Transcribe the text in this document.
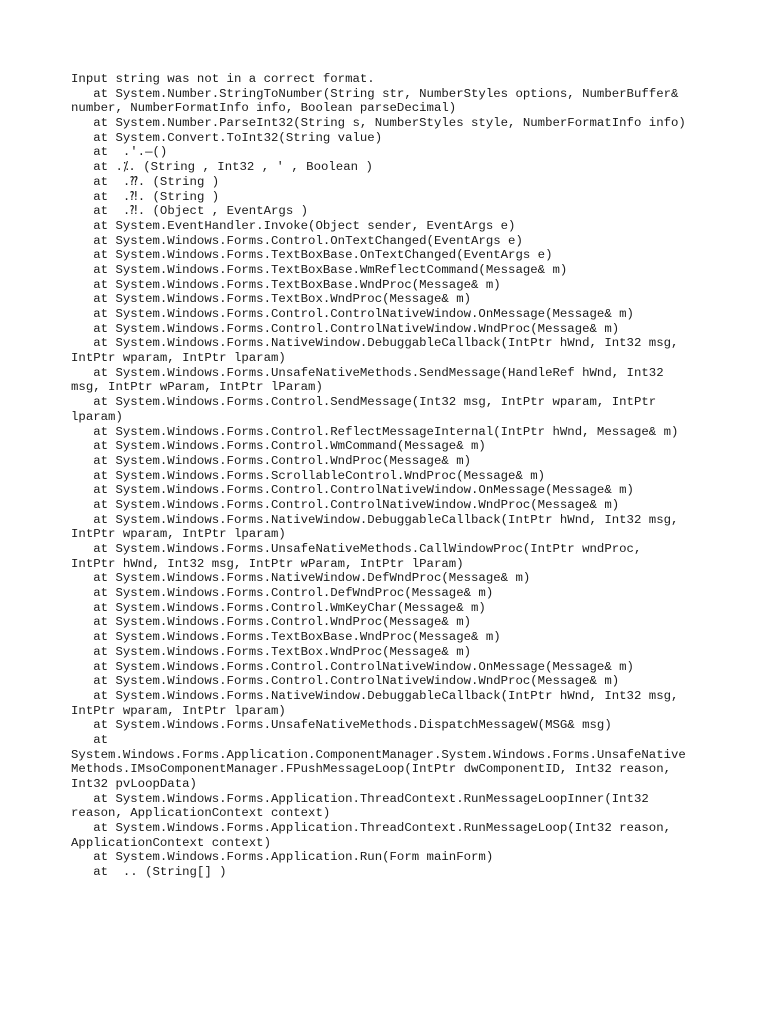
Input string was not in a correct format.
at System.Number.StringToNumber(String str, NumberStyles options, NumberBuffer&
number, NumberFormatInfo info, Boolean parseDecimal)
at System.Number.ParseInt32(String s, NumberStyles style, NumberFormatInfo info)
at System.Convert.ToInt32(String value)
at  .'.—()
at .⁒. (String , Int32 , ' , Boolean )
at  .⁇. (String )
at  .⁈. (String )
at  .⁈. (Object , EventArgs )
at System.EventHandler.Invoke(Object sender, EventArgs e)
at System.Windows.Forms.Control.OnTextChanged(EventArgs e)
at System.Windows.Forms.TextBoxBase.OnTextChanged(EventArgs e)
at System.Windows.Forms.TextBoxBase.WmReflectCommand(Message& m)
at System.Windows.Forms.TextBoxBase.WndProc(Message& m)
at System.Windows.Forms.TextBox.WndProc(Message& m)
at System.Windows.Forms.Control.ControlNativeWindow.OnMessage(Message& m)
at System.Windows.Forms.Control.ControlNativeWindow.WndProc(Message& m)
at System.Windows.Forms.NativeWindow.DebuggableCallback(IntPtr hWnd, Int32 msg,
IntPtr wparam, IntPtr lparam)
at System.Windows.Forms.UnsafeNativeMethods.SendMessage(HandleRef hWnd, Int32
msg, IntPtr wParam, IntPtr lParam)
at System.Windows.Forms.Control.SendMessage(Int32 msg, IntPtr wparam, IntPtr
lparam)
at System.Windows.Forms.Control.ReflectMessageInternal(IntPtr hWnd, Message& m)
at System.Windows.Forms.Control.WmCommand(Message& m)
at System.Windows.Forms.Control.WndProc(Message& m)
at System.Windows.Forms.ScrollableControl.WndProc(Message& m)
at System.Windows.Forms.Control.ControlNativeWindow.OnMessage(Message& m)
at System.Windows.Forms.Control.ControlNativeWindow.WndProc(Message& m)
at System.Windows.Forms.NativeWindow.DebuggableCallback(IntPtr hWnd, Int32 msg,
IntPtr wparam, IntPtr lparam)
at System.Windows.Forms.UnsafeNativeMethods.CallWindowProc(IntPtr wndProc,
IntPtr hWnd, Int32 msg, IntPtr wParam, IntPtr lParam)
at System.Windows.Forms.NativeWindow.DefWndProc(Message& m)
at System.Windows.Forms.Control.DefWndProc(Message& m)
at System.Windows.Forms.Control.WmKeyChar(Message& m)
at System.Windows.Forms.Control.WndProc(Message& m)
at System.Windows.Forms.TextBoxBase.WndProc(Message& m)
at System.Windows.Forms.TextBox.WndProc(Message& m)
at System.Windows.Forms.Control.ControlNativeWindow.OnMessage(Message& m)
at System.Windows.Forms.Control.ControlNativeWindow.WndProc(Message& m)
at System.Windows.Forms.NativeWindow.DebuggableCallback(IntPtr hWnd, Int32 msg,
IntPtr wparam, IntPtr lparam)
at System.Windows.Forms.UnsafeNativeMethods.DispatchMessageW(MSG& msg)
at
System.Windows.Forms.Application.ComponentManager.System.Windows.Forms.UnsafeNative
Methods.IMsoComponentManager.FPushMessageLoop(IntPtr dwComponentID, Int32 reason,
Int32 pvLoopData)
at System.Windows.Forms.Application.ThreadContext.RunMessageLoopInner(Int32
reason, ApplicationContext context)
at System.Windows.Forms.Application.ThreadContext.RunMessageLoop(Int32 reason,
ApplicationContext context)
at System.Windows.Forms.Application.Run(Form mainForm)
at  .. (String[] )
